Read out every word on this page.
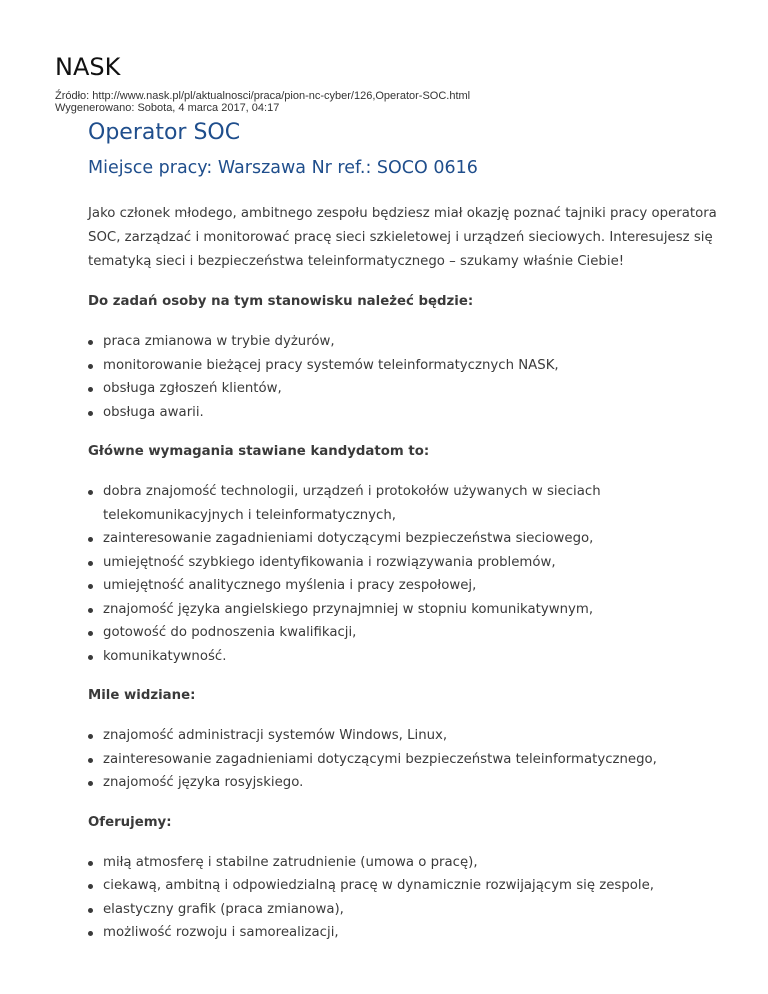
NASK
Źródło: http://www.nask.pl/pl/aktualnosci/praca/pion-nc-cyber/126,Operator-SOC.html
Wygenerowano: Sobota, 4 marca 2017, 04:17
Operator SOC
Miejsce pracy: Warszawa Nr ref.: SOCO 0616

Jako członek młodego, ambitnego zespołu będziesz miał okazję poznać tajniki pracy operatora SOC, zarządzać i monitorować pracę sieci szkieletowej i urządzeń sieciowych. Interesujesz się tematyką sieci i bezpieczeństwa teleinformatycznego – szukamy właśnie Ciebie!

Do zadań osoby na tym stanowisku należeć będzie:

praca zmianowa w trybie dyżurów,
monitorowanie bieżącej pracy systemów teleinformatycznych NASK,
obsługa zgłoszeń klientów,
obsługa awarii.

Główne wymagania stawiane kandydatom to:

dobra znajomość technologii, urządzeń i protokołów używanych w sieciach telekomunikacyjnych i teleinformatycznych,
zainteresowanie zagadnieniami dotyczącymi bezpieczeństwa sieciowego,
umiejętność szybkiego identyfikowania i rozwiązywania problemów,
umiejętność analitycznego myślenia i pracy zespołowej,
znajomość języka angielskiego przynajmniej w stopniu komunikatywnym,
gotowość do podnoszenia kwalifikacji,
komunikatywność.

Mile widziane:

znajomość administracji systemów Windows, Linux,
zainteresowanie zagadnieniami dotyczącymi bezpieczeństwa teleinformatycznego,
znajomość języka rosyjskiego.

Oferujemy:

miłą atmosferę i stabilne zatrudnienie (umowa o pracę),
ciekawą, ambitną i odpowiedzialną pracę w dynamicznie rozwijającym się zespole,
elastyczny grafik (praca zmianowa),
możliwość rozwoju i samorealizacji,
